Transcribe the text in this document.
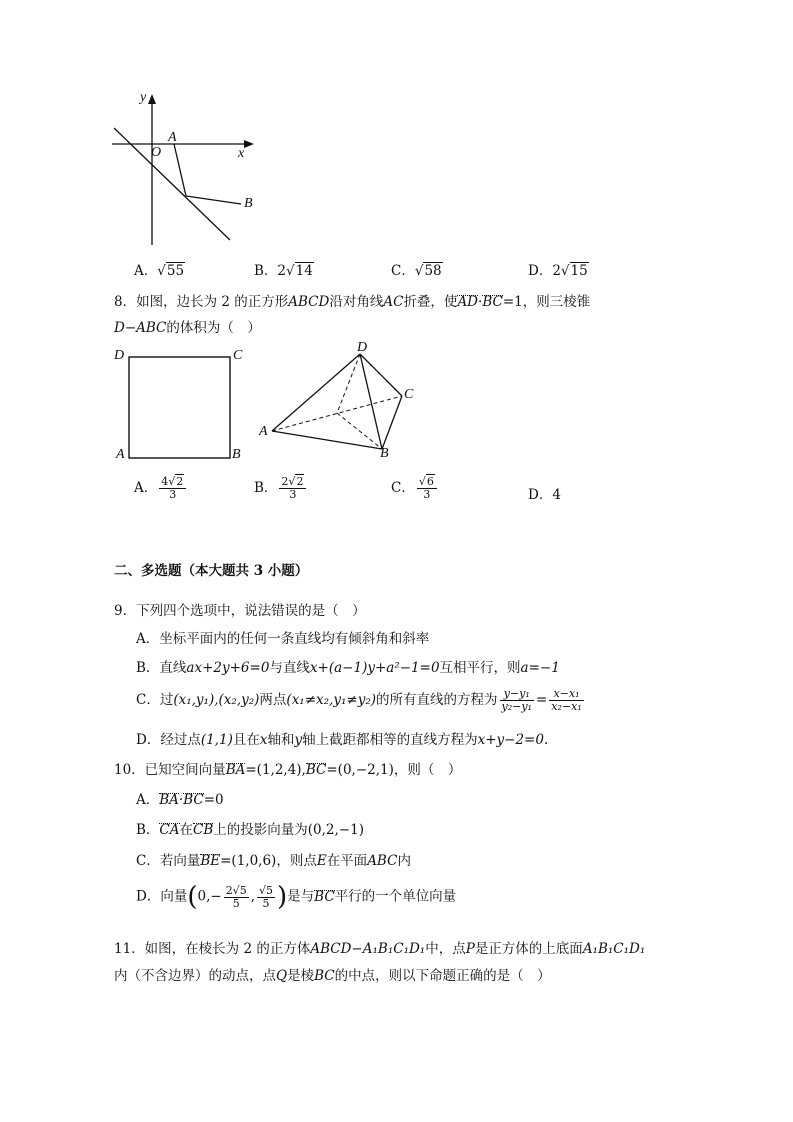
y
x
O
A
B
A．√55	B．2√14	C．√58	D．2√15
8．如图，边长为 2 的正方形ABCD沿对角线AC折叠，使AD·BC=1，则三棱锥
D−ABC的体积为（　）
D	C
A	B
D
C
A
B
A． $\frac{4√2}{3}$	B． $\frac{2√2}{3}$	C． $\frac{√6}{3}$	D．4
二、多选题（本大题共 3 小题）
9．下列四个选项中，说法错误的是（　）
A．坐标平面内的任何一条直线均有倾斜角和斜率
B．直线ax+2y+6=0与直线x+(a−1)y+a²−1=0互相平行，则a=−1
C．过(x₁,y₁),(x₂,y₂)两点(x₁≠x₂,y₁≠y₂)的所有直线的方程为 $\frac{\text{y−y₁}}{\text{y₂−y₁}} = \frac{\text{x−x₁}}{\text{x₂−x₁}}$
D．经过点(1,1)且在x轴和y轴上截距都相等的直线方程为x+y−2=0.
10．已知空间向量BA=(1,2,4),BC=(0,−2,1)，则（　）
A．BA·BC=0
B．CA在CB上的投影向量为(0,2,−1)
C．若向量BE=(1,0,6)，则点E在平面ABC内
D．向量($0,- \frac{2√5}{5}$ , $\frac{√5}{5}$ )是与BC平行的一个单位向量
11．如图，在棱长为 2 的正方体ABCD−A₁B₁C₁D₁中，点P是正方体的上底面A₁B₁C₁D₁
内（不含边界）的动点，点Q是棱BC的中点，则以下命题正确的是（　）
